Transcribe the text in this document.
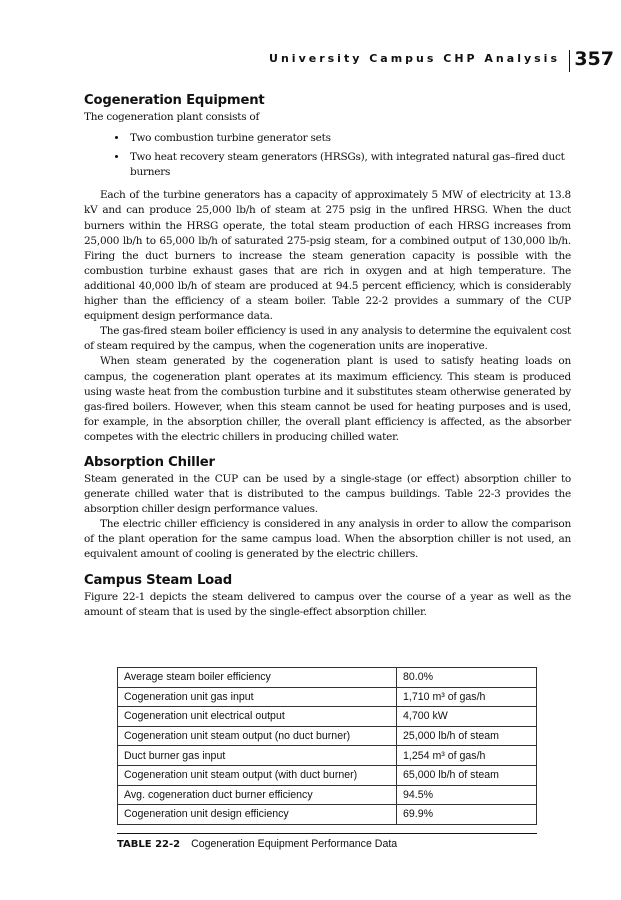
University Campus CHP Analysis 357
Cogeneration Equipment

The cogeneration plant consists of

• Two combustion turbine generator sets
• Two heat recovery steam generators (HRSGs), with integrated natural gas–fired duct burners

Each of the turbine generators has a capacity of approximately 5 MW of electricity at 13.8 kV and can produce 25,000 lb/h of steam at 275 psig in the unfired HRSG. When the duct burners within the HRSG operate, the total steam production of each HRSG increases from 25,000 lb/h to 65,000 lb/h of saturated 275-psig steam, for a combined output of 130,000 lb/h. Firing the duct burners to increase the steam generation capacity is possible with the combustion turbine exhaust gases that are rich in oxygen and at high temperature. The additional 40,000 lb/h of steam are produced at 94.5 percent efficiency, which is considerably higher than the efficiency of a steam boiler. Table 22-2 provides a summary of the CUP equipment design performance data.

The gas-fired steam boiler efficiency is used in any analysis to determine the equivalent cost of steam required by the campus, when the cogeneration units are inoperative.

When steam generated by the cogeneration plant is used to satisfy heating loads on campus, the cogeneration plant operates at its maximum efficiency. This steam is produced using waste heat from the combustion turbine and it substitutes steam otherwise generated by gas-fired boilers. However, when this steam cannot be used for heating purposes and is used, for example, in the absorption chiller, the overall plant efficiency is affected, as the absorber competes with the electric chillers in producing chilled water.

Absorption Chiller

Steam generated in the CUP can be used by a single-stage (or effect) absorption chiller to generate chilled water that is distributed to the campus buildings. Table 22-3 provides the absorption chiller design performance values.

The electric chiller efficiency is considered in any analysis in order to allow the comparison of the plant operation for the same campus load. When the absorption chiller is not used, an equivalent amount of cooling is generated by the electric chillers.

Campus Steam Load

Figure 22-1 depicts the steam delivered to campus over the course of a year as well as the amount of steam that is used by the single-effect absorption chiller.

Average steam boiler efficiency	80.0%
Cogeneration unit gas input	1,710 m³ of gas/h
Cogeneration unit electrical output	4,700 kW
Cogeneration unit steam output (no duct burner)	25,000 lb/h of steam
Duct burner gas input	1,254 m³ of gas/h
Cogeneration unit steam output (with duct burner)	65,000 lb/h of steam
Avg. cogeneration duct burner efficiency	94.5%
Cogeneration unit design efficiency	69.9%
TABLE 22-2 Cogeneration Equipment Performance Data
